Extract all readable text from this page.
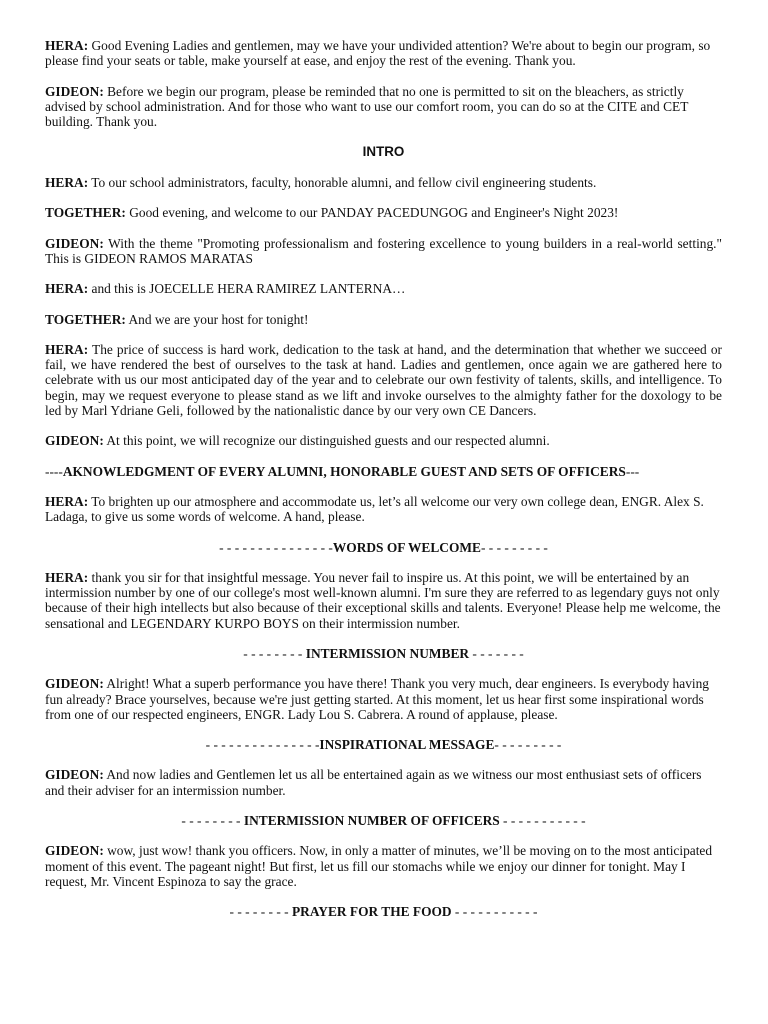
HERA: Good Evening Ladies and gentlemen, may we have your undivided attention? We're about to begin our program, so please find your seats or table, make yourself at ease, and enjoy the rest of the evening. Thank you.

GIDEON: Before we begin our program, please be reminded that no one is permitted to sit on the bleachers, as strictly advised by school administration. And for those who want to use our comfort room, you can do so at the CITE and CET building. Thank you.

INTRO

HERA: To our school administrators, faculty, honorable alumni, and fellow civil engineering students.

TOGETHER: Good evening, and welcome to our PANDAY PACEDUNGOG and Engineer's Night 2023!

GIDEON: With the theme "Promoting professionalism and fostering excellence to young builders in a real-world setting." This is GIDEON RAMOS MARATAS

HERA: and this is JOECELLE HERA RAMIREZ LANTERNA…

TOGETHER: And we are your host for tonight!

HERA: The price of success is hard work, dedication to the task at hand, and the determination that whether we succeed or fail, we have rendered the best of ourselves to the task at hand. Ladies and gentlemen, once again we are gathered here to celebrate with us our most anticipated day of the year and to celebrate our own festivity of talents, skills, and intelligence. To begin, may we request everyone to please stand as we lift and invoke ourselves to the almighty father for the doxology to be led by Marl Ydriane Geli, followed by the nationalistic dance by our very own CE Dancers.

GIDEON: At this point, we will recognize our distinguished guests and our respected alumni.

----AKNOWLEDGMENT OF EVERY ALUMNI, HONORABLE GUEST AND SETS OF OFFICERS---

HERA: To brighten up our atmosphere and accommodate us, let’s all welcome our very own college dean, ENGR. Alex S. Ladaga, to give us some words of welcome. A hand, please.

- - - - - - - - - - - - - - -WORDS OF WELCOME- - - - - - - - -

HERA: thank you sir for that insightful message. You never fail to inspire us. At this point, we will be entertained by an intermission number by one of our college's most well-known alumni. I'm sure they are referred to as legendary guys not only because of their high intellects but also because of their exceptional skills and talents. Everyone! Please help me welcome, the sensational and LEGENDARY KURPO BOYS on their intermission number.

- - - - - - - - INTERMISSION NUMBER - - - - - - -

GIDEON: Alright! What a superb performance you have there! Thank you very much, dear engineers. Is everybody having fun already? Brace yourselves, because we're just getting started. At this moment, let us hear first some inspirational words from one of our respected engineers, ENGR. Lady Lou S. Cabrera. A round of applause, please.

- - - - - - - - - - - - - - -INSPIRATIONAL MESSAGE- - - - - - - - -

GIDEON: And now ladies and Gentlemen let us all be entertained again as we witness our most enthusiast sets of officers and their adviser for an intermission number.

- - - - - - - - INTERMISSION NUMBER OF OFFICERS - - - - - - - - - - -

GIDEON: wow, just wow! thank you officers. Now, in only a matter of minutes, we’ll be moving on to the most anticipated moment of this event. The pageant night! But first, let us fill our stomachs while we enjoy our dinner for tonight. May I request, Mr. Vincent Espinoza to say the grace.

- - - - - - - - PRAYER FOR THE FOOD - - - - - - - - - - -
